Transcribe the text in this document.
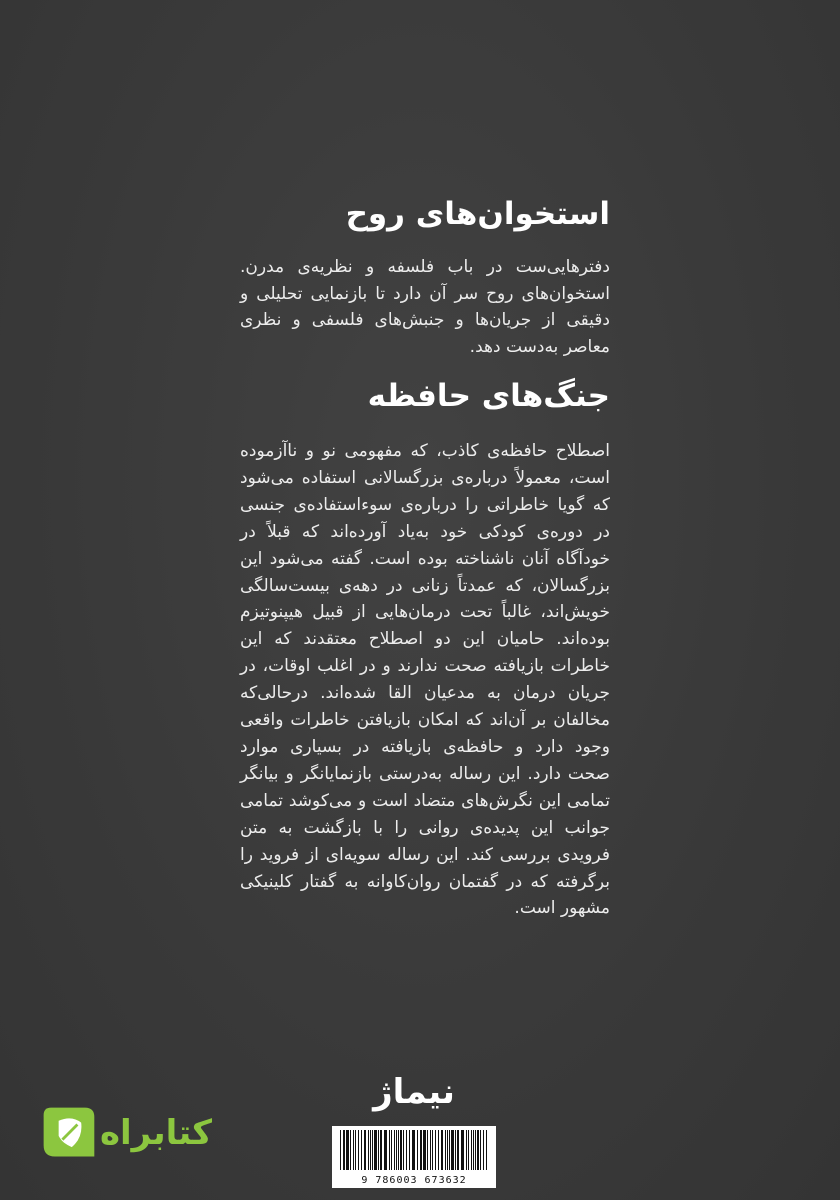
استخوان‌های روح

دفترهایی‌ست در باب فلسفه و نظریه‌ی مدرن. استخوان‌های روح سر آن دارد تا بازنمایی تحلیلی و دقیقی از جریان‌ها و جنبش‌های فلسفی و نظری معاصر به‌دست دهد.

جنگ‌های حافظه

اصطلاح حافظه‌ی کاذب، که مفهومی نو و ناآزموده است، معمولاً درباره‌ی بزرگسالانی استفاده می‌شود که گویا خاطراتی را درباره‌ی سوءاستفاده‌ی جنسی در دوره‌ی کودکی خود به‌یاد آورده‌اند که قبلاً در خودآگاه آنان ناشناخته بوده است. گفته می‌شود این بزرگسالان، که عمدتاً زنانی در دهه‌ی بیست‌سالگی خویش‌اند، غالباً تحت درمان‌هایی از قبیل هیپنوتیزم بوده‌اند. حامیان این دو اصطلاح معتقدند که این خاطرات بازیافته صحت ندارند و در اغلب اوقات، در جریان درمان به مدعیان القا شده‌اند. درحالی‌که مخالفان بر آن‌اند که امکان بازیافتن خاطرات واقعی وجود دارد و حافظه‌ی بازیافته در بسیاری موارد صحت دارد. این رساله به‌درستی بازنمایانگر و بیانگر تمامی این نگرش‌های متضاد است و می‌کوشد تمامی جوانب این پدیده‌ی روانی را با بازگشت به متن فرویدی بررسی کند. این رساله سویه‌ای از فروید را برگرفته که در گفتمان روان‌کاوانه به گفتار کلینیکی مشهور است.

نیماژ
9 786003 673632
کتابراه
